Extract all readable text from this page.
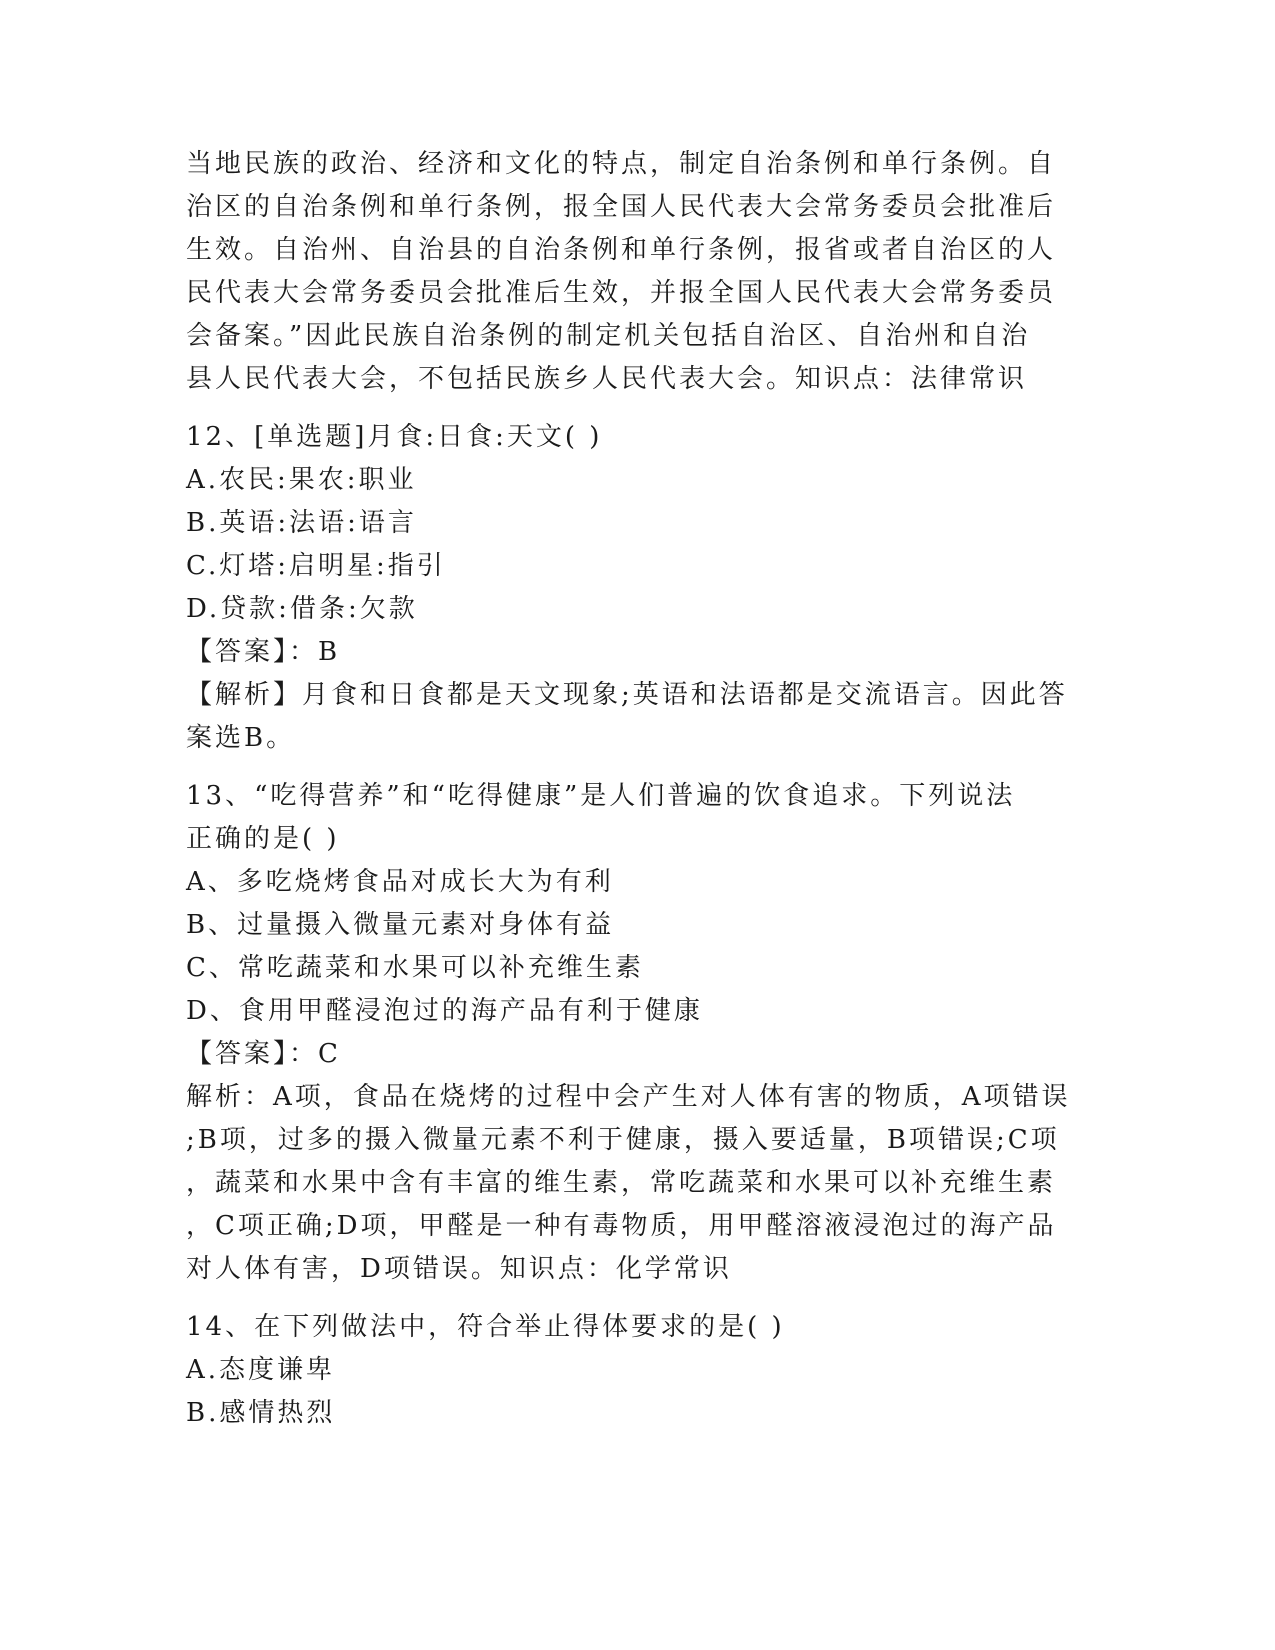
当地民族的政治、经济和文化的特点，制定自治条例和单行条例。自
治区的自治条例和单行条例，报全国人民代表大会常务委员会批准后
生效。自治州、自治县的自治条例和单行条例，报省或者自治区的人
民代表大会常务委员会批准后生效，并报全国人民代表大会常务委员
会备案。”因此民族自治条例的制定机关包括自治区、自治州和自治
县人民代表大会，不包括民族乡人民代表大会。知识点：法律常识
12、[单选题]月食:日食:天文( )
A.农民:果农:职业
B.英语:法语:语言
C.灯塔:启明星:指引
D.贷款:借条:欠款
【答案】：B
【解析】月食和日食都是天文现象;英语和法语都是交流语言。因此答
案选B。
13、“吃得营养”和“吃得健康”是人们普遍的饮食追求。下列说法
正确的是( )
A、多吃烧烤食品对成长大为有利
B、过量摄入微量元素对身体有益
C、常吃蔬菜和水果可以补充维生素
D、食用甲醛浸泡过的海产品有利于健康
【答案】：C
解析：A项，食品在烧烤的过程中会产生对人体有害的物质，A项错误
;B项，过多的摄入微量元素不利于健康，摄入要适量，B项错误;C项
，蔬菜和水果中含有丰富的维生素，常吃蔬菜和水果可以补充维生素
，C项正确;D项，甲醛是一种有毒物质，用甲醛溶液浸泡过的海产品
对人体有害，D项错误。知识点：化学常识
14、在下列做法中，符合举止得体要求的是( )
A.态度谦卑
B.感情热烈
